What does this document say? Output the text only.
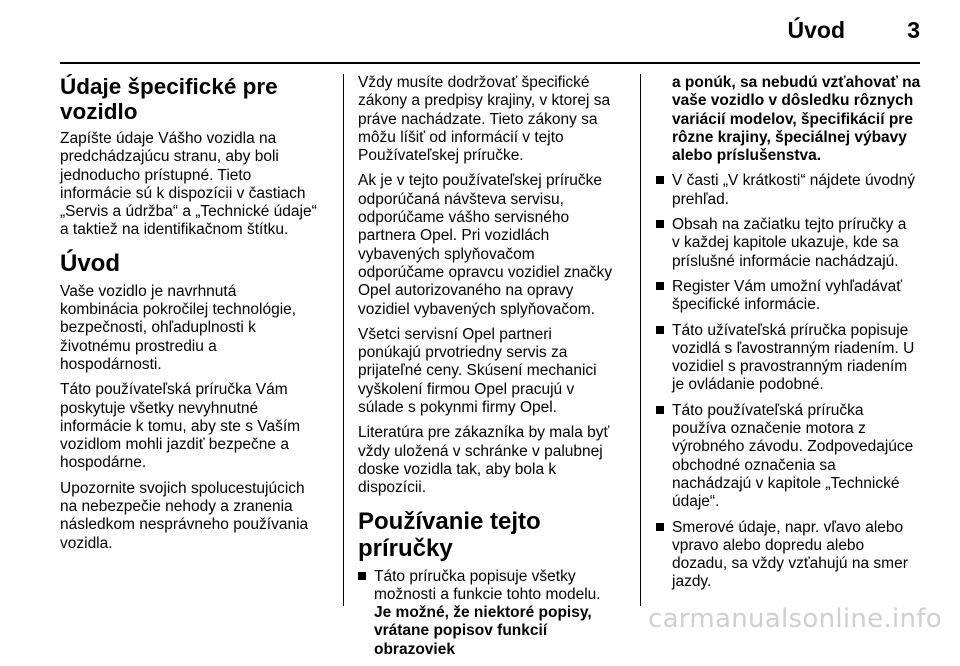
Úvod	3
Údaje špecifické pre
vozidlo

Zapíšte údaje Vášho vozidla na
predchádzajúcu stranu, aby boli
jednoducho prístupné. Tieto
informácie sú k dispozícii v častiach
„Servis a údržba“ a „Technické údaje“
a taktiež na identifikačnom štítku.

Úvod

Vaše vozidlo je navrhnutá
kombinácia pokročilej technológie,
bezpečnosti, ohľaduplnosti k
životnému prostrediu a
hospodárnosti.

Táto používateľská príručka Vám
poskytuje všetky nevyhnutné
informácie k tomu, aby ste s Vaším
vozidlom mohli jazdiť bezpečne a
hospodárne.

Upozornite svojich spolucestujúcich
na nebezpečie nehody a zranenia
následkom nesprávneho používania
vozidla.

Vždy musíte dodržovať špecifické
zákony a predpisy krajiny, v ktorej sa
práve nachádzate. Tieto zákony sa
môžu líšiť od informácií v tejto
Používateľskej príručke.

Ak je v tejto používateľskej príručke
odporúčaná návšteva servisu,
odporúčame vášho servisného
partnera Opel. Pri vozidlách
vybavených splyňovačom
odporúčame opravcu vozidiel značky
Opel autorizovaného na opravy
vozidiel vybavených splyňovačom.

Všetci servisní Opel partneri
ponúkajú prvotriedny servis za
prijateľné ceny. Skúsení mechanici
vyškolení firmou Opel pracujú v
súlade s pokynmi firmy Opel.

Literatúra pre zákazníka by mala byť
vždy uložená v schránke v palubnej
doske vozidla tak, aby bola k
dispozícii.

Používanie tejto príručky
Táto príručka popisuje všetky
možnosti a funkcie tohto modelu.
Je možné, že niektoré popisy,
vrátane popisov funkcií obrazoviek

a ponúk, sa nebudú vzťahovať na
vaše vozidlo v dôsledku rôznych
variácií modelov, špecifikácií pre
rôzne krajiny, špeciálnej výbavy
alebo príslušenstva.

V časti „V krátkosti“ nájdete úvodný
prehľad.
Obsah na začiatku tejto príručky a
v každej kapitole ukazuje, kde sa
príslušné informácie nachádzajú.
Register Vám umožní vyhľadávať
špecifické informácie.
Táto užívateľská príručka popisuje
vozidlá s ľavostranným riadením. U
vozidiel s pravostranným riadením
je ovládanie podobné.
Táto používateľská príručka
používa označenie motora z
výrobného závodu. Zodpovedajúce
obchodné označenia sa
nachádzajú v kapitole „Technické
údaje“.
Smerové údaje, napr. vľavo alebo
vpravo alebo dopredu alebo
dozadu, sa vždy vzťahujú na smer
jazdy.
carmanualsonline.info
